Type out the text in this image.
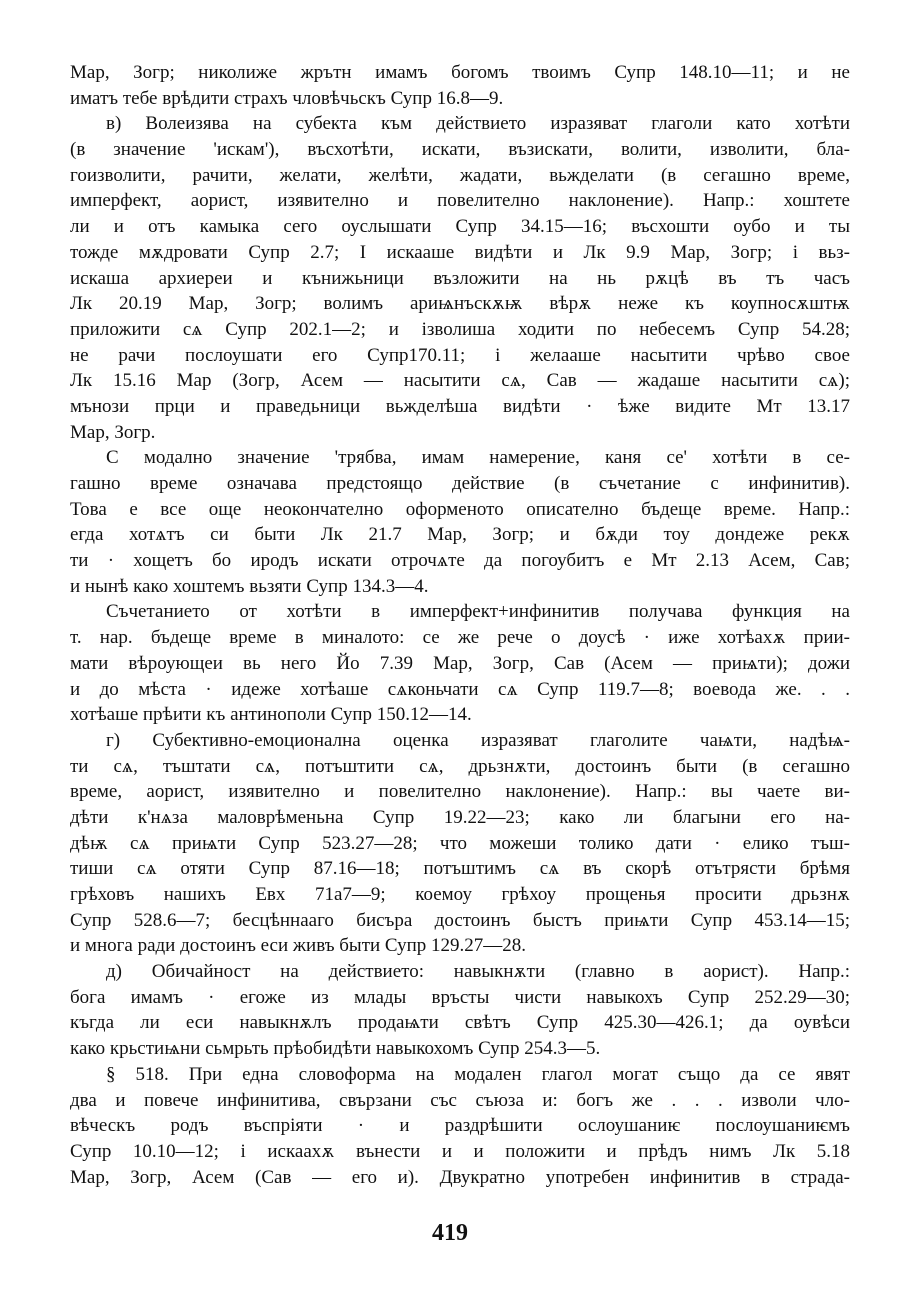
Мар, Зогр; николиже жрътн имамъ богомъ твоимъ Супр 148.10—11; и не
иматъ тебе врѣдити страхъ чловѣчьскъ Супр 16.8—9.
в) Волеизява на субекта към действието изразяват глаголи като хотѣти
(в значение 'искам'), въсхотѣти, искати, възискати, волити, изволити, бла-
гоизволити, рачити, желати, желѣти, жадати, вьжделати (в сегашно време,
имперфект, аорист, изявително и повелително наклонение). Напр.: хоштете
ли и отъ камыка сего оуслышати Супр 34.15—16; въсхошти оубо и ты
тожде мѫдровати Супр 2.7; І искааше видѣти и Лк 9.9 Мар, Зогр; і вьз-
искаша архиереи и кънижьници възложити на нь рѫцѣ въ тъ часъ
Лк 20.19 Мар, Зогр; волимъ ариѩнъскѫѭ вѣрѫ неже къ коупносѫштѭ
приложити сѧ Супр 202.1—2; и ізволиша ходити по небесемъ Супр 54.28;
не рачи послоушати его Супр170.11; і желааше насытити чрѣво свое
Лк 15.16 Мар (Зогр, Асем — насытити сѧ, Сав — жадаше насытити сѧ);
мънози прци и праведьници вьжделѣша видѣти · ѣже видите Мт 13.17
Мар, Зогр.
С модално значение 'трябва, имам намерение, каня се' хотѣти в се-
гашно време означава предстоящо действие (в съчетание с инфинитив).
Това е все още неокончателно оформеното описателно бъдеще време. Напр.:
егда хотѧтъ си быти Лк 21.7 Мар, Зогр; и бѫди тоу дондеже рекѫ
ти · хощетъ бо иродъ искати отрочѧте да погоубитъ е Мт 2.13 Асем, Сав;
и нынѣ како хоштемъ вьзяти Супр 134.3—4.
Съчетанието от хотѣти в имперфект+инфинитив получава функция на
т. нар. бъдеще време в миналото: се же рече о доусѣ · иже хотѣахѫ прии-
мати вѣроующеи вь него Йо 7.39 Мар, Зогр, Сав (Асем — приѩти); дожи
и до мѣста · идеже хотѣаше сѧконьчати сѧ Супр 119.7—8; воевода же. . .
хотѣаше прѣити къ антинополи Супр 150.12—14.
г) Субективно-емоционална оценка изразяват глаголите чаѩти, надѣѩ-
ти сѧ, тъштати сѧ, потъштити сѧ, дрьзнѫти, достоинъ быти (в сегашно
време, аорист, изявително и повелително наклонение). Напр.: вы чаете ви-
дѣти к'нѧза маловрѣменьна Супр 19.22—23; како ли благыни его на-
дѣѭ сѧ приѩти Супр 523.27—28; что можеши толико дати · елико тъш-
тиши сѧ отяти Супр 87.16—18; потъштимъ сѧ въ скорѣ отътрясти брѣмя
грѣховъ нашихъ Евх 71а7—9; коемоу грѣхоу прощенья просити дрьзнѫ
Супр 528.6—7; бесцѣннааго бисъра достоинъ быстъ приѩти Супр 453.14—15;
и многа ради достоинъ еси живъ быти Супр 129.27—28.
д) Обичайност на действието: навыкнѫти (главно в аорист). Напр.:
бога имамъ · егоже из млады връсты чисти навыкохъ Супр 252.29—30;
къгда ли еси навыкнѫлъ продаѩти свѣтъ Супр 425.30—426.1; да оувѣси
како крьстиѩни сьмрьть прѣобидѣти навыкохомъ Супр 254.3—5.
§ 518. При една словоформа на модален глагол могат също да се явят
два и повече инфинитива, свързани със съюза и: богъ же . . . изволи чло-
вѣческъ родъ въспріяти · и раздрѣшити ослоушаниѥ послоушаниѥмъ
Супр 10.10—12; і искаахѫ вънести и и положити и прѣдъ нимъ Лк 5.18
Мар, Зогр, Асем (Сав — его и). Двукратно употребен инфинитив в страда-
419
